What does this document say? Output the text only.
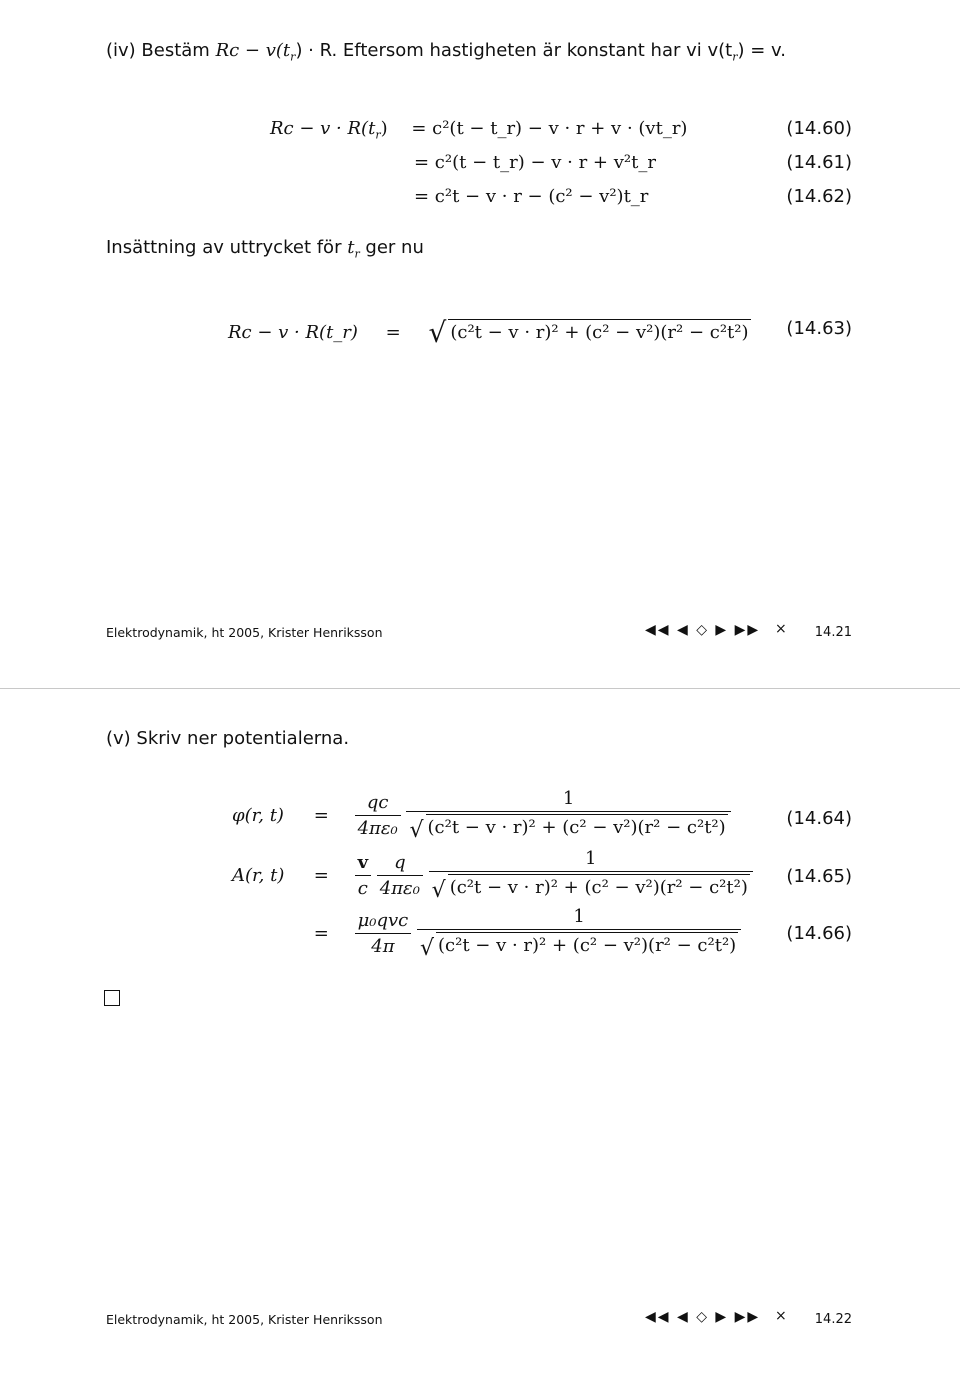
(iv) Bestäm $Rc - v(t_r) \cdot R$. Eftersom hastigheten är konstant har vi $v(t_r) = v$.
$Rc - v \cdot R(t_r) = c^2(t$ − t_r) − v · r + v · (vt_r)	(14.60)
= c²(t − t_r) − v · r + v²t_r	(14.61)
= c²t − v · r − (c² − v²)t_r	(14.62)
Insättning av uttrycket för $t_r$ ger nu
Rc − v · R(t_r) = √ (c²t − v · r)² + (c² − v²)(r² − c²t²) (14.63)
Elektrodynamik, ht 2005, Krister Henriksson	◀◀ ◀ ◇ ▶ ▶▶ × 14.21
(v) Skriv ner potentialerna.
φ(r, $t) = \frac{qc}{\text{4πε₀}}$
$\frac{1}{\text{√ (c²t − v · r)² + (c² − v²)(r² − c²t²)}}$	(14.64)
A(r, $t) = \frac{v}{c}$
$\frac{q}{\text{4πε₀}}$
$\frac{1}{\text{√ (c²t − v · r)² + (c² − v²)(r² − c²t²)}} (14.65)$
= $\frac{\text{μ₀qvc}}{4\pi}$
$\frac{1}{\text{√ (c²t − v · r)² + (c² − v²)(r² − c²t²)}}$	(14.66)
Elektrodynamik, ht 2005, Krister Henriksson	◀◀ ◀ ◇ ▶ ▶▶ × 14.22
